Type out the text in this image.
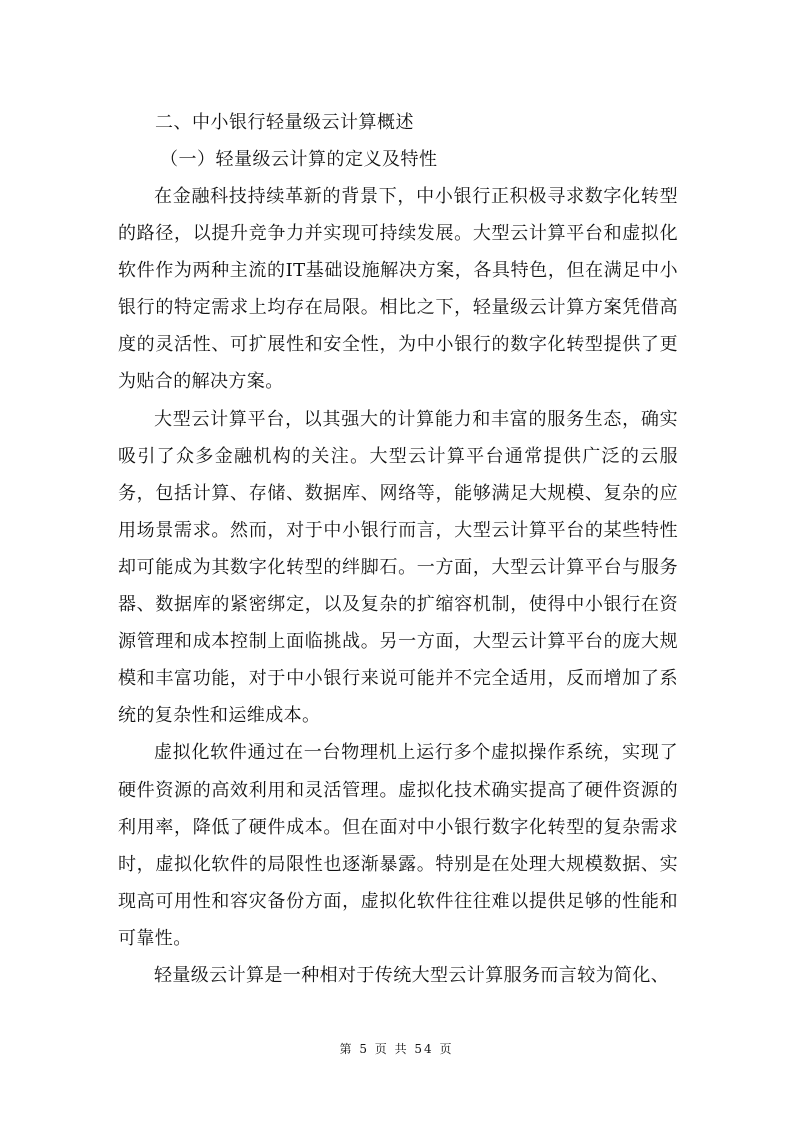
二、中小银行轻量级云计算概述
（一）轻量级云计算的定义及特性

在金融科技持续革新的背景下，中小银行正积极寻求数字化转型的路径，以提升竞争力并实现可持续发展。大型云计算平台和虚拟化软件作为两种主流的IT基础设施解决方案，各具特色，但在满足中小银行的特定需求上均存在局限。相比之下，轻量级云计算方案凭借高度的灵活性、可扩展性和安全性，为中小银行的数字化转型提供了更为贴合的解决方案。

大型云计算平台，以其强大的计算能力和丰富的服务生态，确实吸引了众多金融机构的关注。大型云计算平台通常提供广泛的云服务，包括计算、存储、数据库、网络等，能够满足大规模、复杂的应用场景需求。然而，对于中小银行而言，大型云计算平台的某些特性却可能成为其数字化转型的绊脚石。一方面，大型云计算平台与服务器、数据库的紧密绑定，以及复杂的扩缩容机制，使得中小银行在资源管理和成本控制上面临挑战。另一方面，大型云计算平台的庞大规模和丰富功能，对于中小银行来说可能并不完全适用，反而增加了系统的复杂性和运维成本。

虚拟化软件通过在一台物理机上运行多个虚拟操作系统，实现了硬件资源的高效利用和灵活管理。虚拟化技术确实提高了硬件资源的利用率，降低了硬件成本。但在面对中小银行数字化转型的复杂需求时，虚拟化软件的局限性也逐渐暴露。特别是在处理大规模数据、实现高可用性和容灾备份方面，虚拟化软件往往难以提供足够的性能和可靠性。

轻量级云计算是一种相对于传统大型云计算服务而言较为简化、

第 5 页 共 54 页
